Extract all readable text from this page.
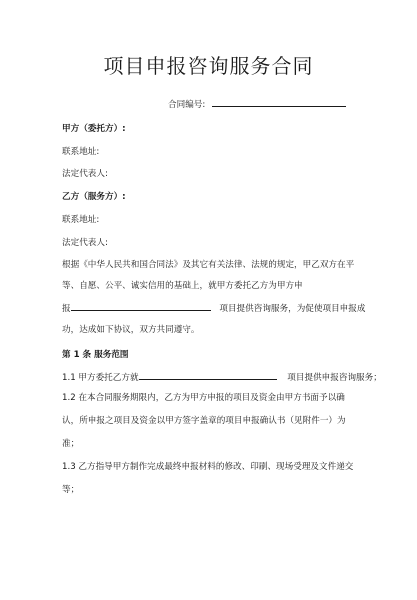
项目申报咨询服务合同
合同编号:
甲方（委托方）:
联系地址:
法定代表人:
乙方（服务方）:
联系地址:
法定代表人:
根据《中华人民共和国合同法》及其它有关法律、法规的规定，甲乙双方在平
等、自愿、公平、诚实信用的基础上，就甲方委托乙方为甲方申
报	项目提供咨询服务，为促使项目申报成
功，达成如下协议，双方共同遵守。
第 1 条 服务范围
1.1 甲方委托乙方就	项目提供申报咨询服务；
1.2 在本合同服务期限内，乙方为甲方申报的项目及资金由甲方书面予以确
认，所申报之项目及资金以甲方签字盖章的项目申报确认书（见附件一）为
准；
1.3 乙方指导甲方制作完成最终申报材料的修改、印刷、现场受理及文件递交
等；
